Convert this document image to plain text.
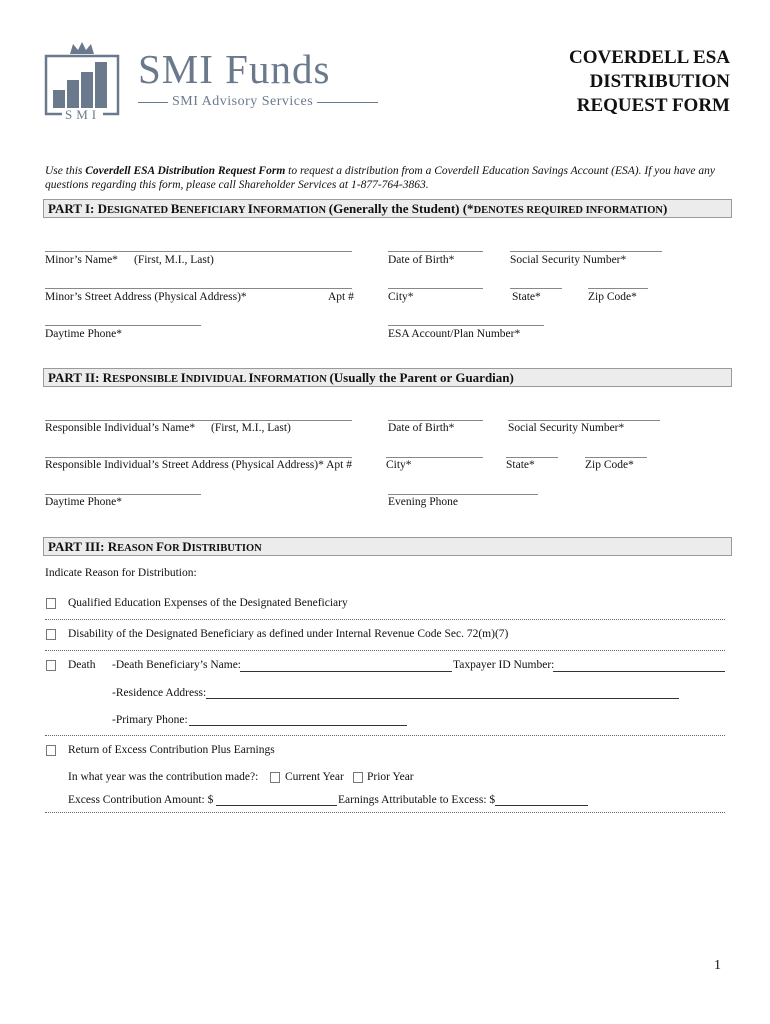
SMI
SMI Funds
SMI Advisory Services
COVERDELL ESA
DISTRIBUTION
REQUEST FORM
Use this Coverdell ESA Distribution Request Form to request a distribution from a Coverdell Education Savings Account (ESA). If you have any questions regarding this form, please call Shareholder Services at 1-877-764-3863.
PART I: DESIGNATED BENEFICIARY INFORMATION (Generally the Student) (*DENOTES REQUIRED INFORMATION)
Minor’s Name* (First, M.I., Last)	Date of Birth*	Social Security Number*
Minor’s Street Address (Physical Address)*	Apt #	City*	State*	Zip Code*
Daytime Phone*	ESA Account/Plan Number*
PART II: RESPONSIBLE INDIVIDUAL INFORMATION (Usually the Parent or Guardian)
Responsible Individual’s Name* (First, M.I., Last)	Date of Birth*	Social Security Number*
Responsible Individual’s Street Address (Physical Address)* Apt #	City*	State*	Zip Code*
Daytime Phone*	Evening Phone
PART III: REASON FOR DISTRIBUTION
Indicate Reason for Distribution:
Qualified Education Expenses of the Designated Beneficiary
Disability of the Designated Beneficiary as defined under Internal Revenue Code Sec. 72(m)(7)
Death -Death Beneficiary’s Name:	Taxpayer ID Number:
-Residence Address:
-Primary Phone:
Return of Excess Contribution Plus Earnings
In what year was the contribution made?: Current Year Prior Year
Excess Contribution Amount: $	Earnings Attributable to Excess: $
1
